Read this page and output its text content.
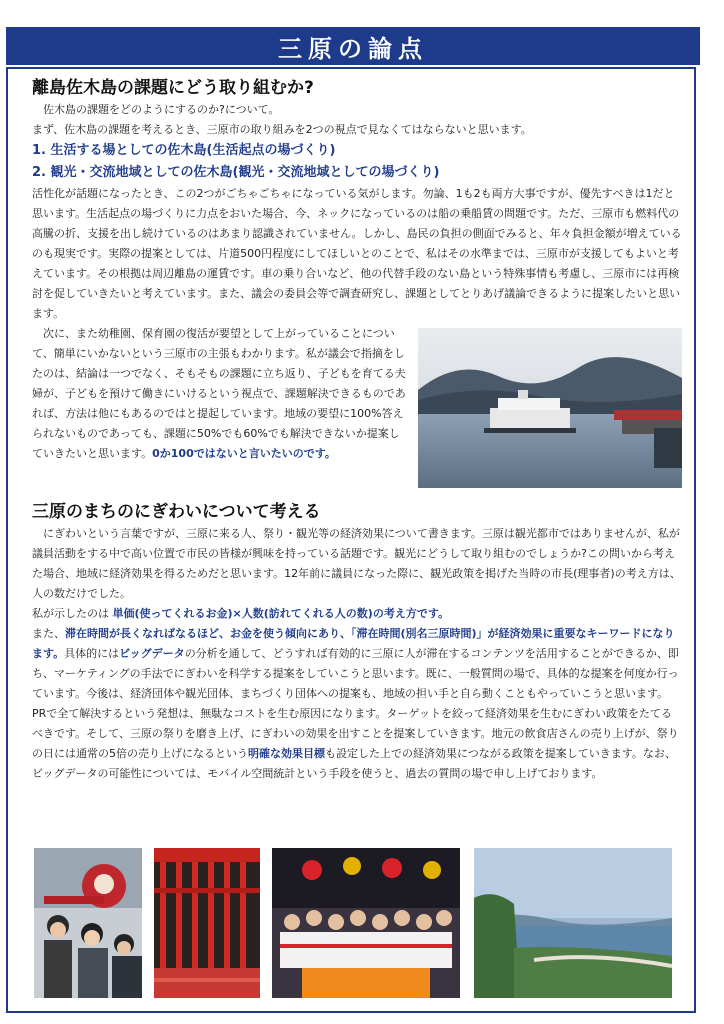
三原の論点

離島佐木島の課題にどう取り組むか?

佐木島の課題をどのようにするのか?について。

まず、佐木島の課題を考えるとき、三原市の取り組みを2つの視点で見なくてはならないと思います。

1. 生活する場としての佐木島(生活起点の場づくり)

2. 観光・交流地域としての佐木島(観光・交流地域としての場づくり)

活性化が話題になったとき、この2つがごちゃごちゃになっている気がします。勿論、1も2も両方大事ですが、優先すべきは1だと思います。生活起点の場づくりに力点をおいた場合、今、ネックになっているのは船の乗船賃の問題です。ただ、三原市も燃料代の高騰の折、支援を出し続けているのはあまり認識されていません。しかし、島民の負担の側面でみると、年々負担金額が増えているのも現実です。実際の提案としては、片道500円程度にしてほしいとのことで、私はその水準までは、三原市が支援してもよいと考えています。その根拠は周辺離島の運賃です。車の乗り合いなど、他の代替手段のない島という特殊事情も考慮し、三原市には再検討を促していきたいと考えています。また、議会の委員会等で調査研究し、課題としてとりあげ議論できるように提案したいと思います。

次に、また幼稚園、保育園の復活が要望として上がっていることについて、簡単にいかないという三原市の主張もわかります。私が議会で指摘をしたのは、結論は一つでなく、そもそもの課題に立ち返り、子どもを育てる夫婦が、子どもを預けて働きにいけるという視点で、課題解決できるものであれば、方法は他にもあるのではと提起しています。地域の要望に100%答えられないものであっても、課題に50%でも60%でも解決できないか提案していきたいと思います。0か100ではないと言いたいのです。

三原のまちのにぎわいについて考える

にぎわいという言葉ですが、三原に来る人、祭り・観光等の経済効果について書きます。三原は観光都市ではありませんが、私が議員活動をする中で高い位置で市民の皆様が興味を持っている話題です。観光にどうして取り組むのでしょうか?この問いから考えた場合、地域に経済効果を得るためだと思います。12年前に議員になった際に、観光政策を掲げた当時の市長(理事者)の考え方は、人の数だけでした。

私が示したのは 単価(使ってくれるお金)×人数(訪れてくれる人の数)の考え方です。

また、滞在時間が長くなればなるほど、お金を使う傾向にあり、「滞在時間(別名三原時間)」が経済効果に重要なキーワードになります。具体的にはビッグデータの分析を通して、どうすれば有効的に三原に人が滞在するコンテンツを活用することができるか、即ち、マーケティングの手法でにぎわいを科学する提案をしていこうと思います。既に、一般質問の場で、具体的な提案を何度か行っています。今後は、経済団体や観光団体、まちづくり団体への提案も、地域の担い手と自ら動くこともやっていこうと思います。PRで全て解決するという発想は、無駄なコストを生む原因になります。ターゲットを絞って経済効果を生むにぎわい政策をたてるべきです。そして、三原の祭りを磨き上げ、にぎわいの効果を出すことを提案していきます。地元の飲食店さんの売り上げが、祭りの日には通常の5倍の売り上げになるという明確な効果目標も設定した上での経済効果につながる政策を提案していきます。なお、ビッグデータの可能性については、モバイル空間統計という手段を使うと、過去の質問の場で申し上げております。
